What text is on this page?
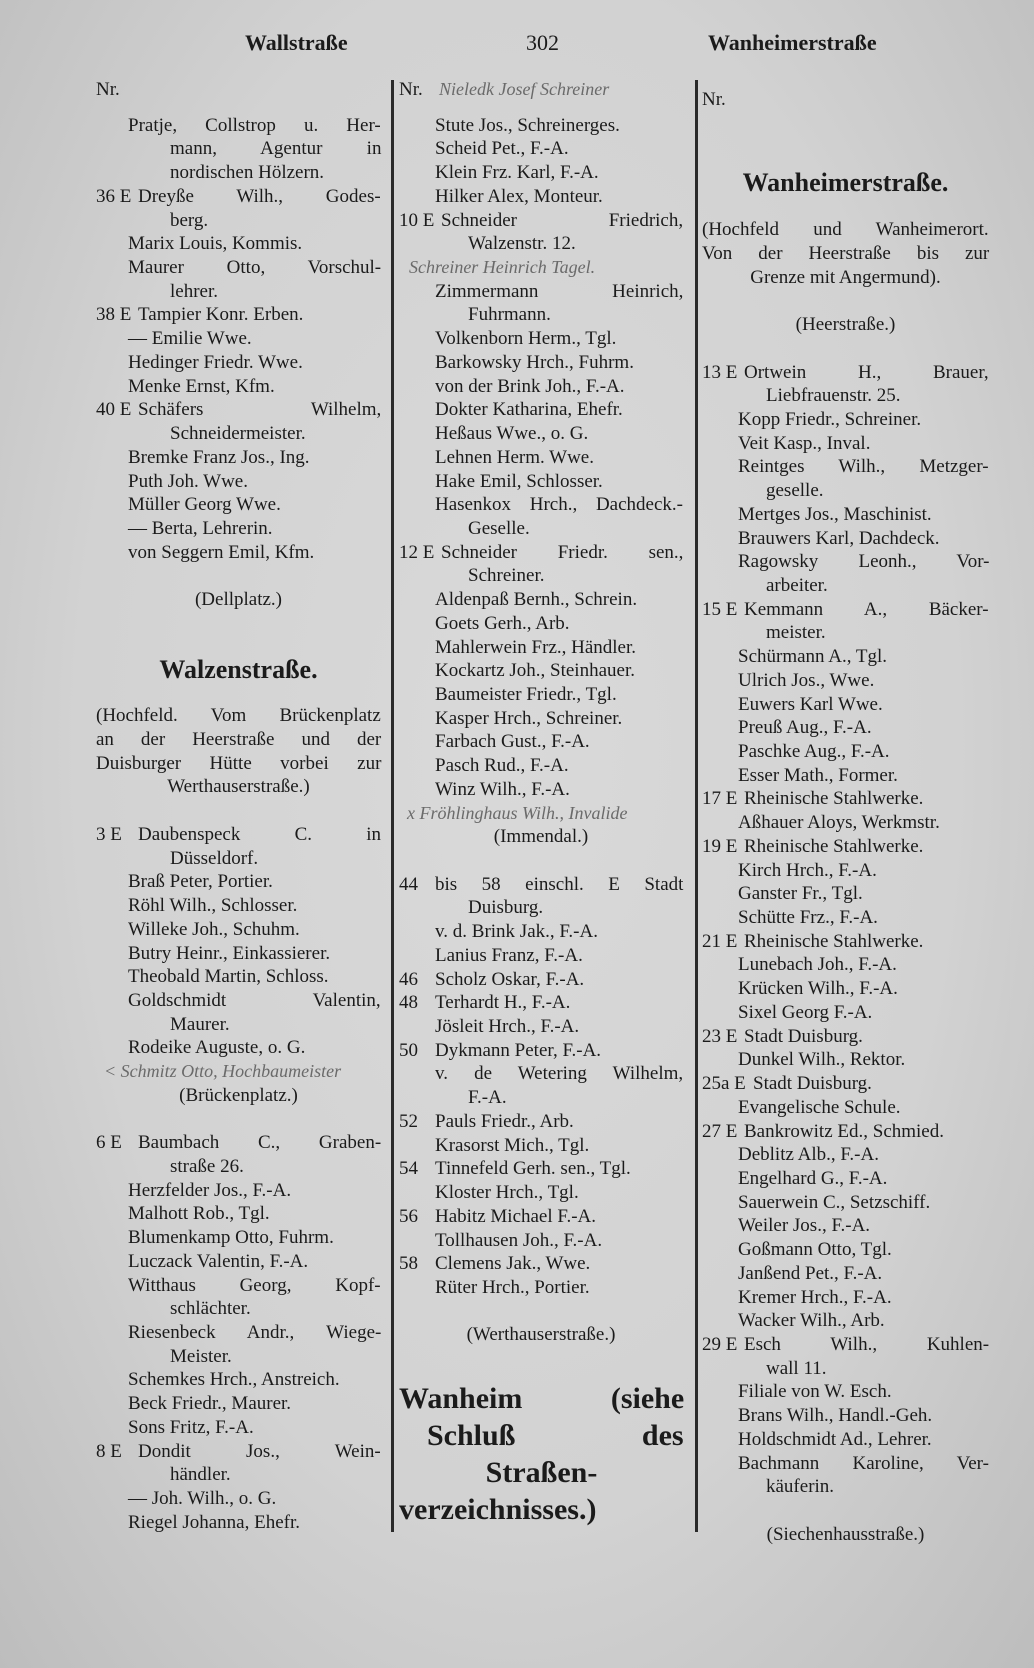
Wallstraße	302	Wanheimerstraße
Nr.
Pratje, Collstrop u. Her-
mann, Agentur in
nordischen Hölzern.
36 E Dreyße Wilh., Godes-
berg.
Marix Louis, Kommis.
Maurer Otto, Vorschul-
lehrer.
38 E Tampier Konr. Erben.
— Emilie Wwe.
Hedinger Friedr. Wwe.
Menke Ernst, Kfm.
40 E Schäfers Wilhelm,
Schneidermeister.
Bremke Franz Jos., Ing.
Puth Joh. Wwe.
Müller Georg Wwe.
— Berta, Lehrerin.
von Seggern Emil, Kfm.
(Dellplatz.)
Walzenstraße.
(Hochfeld. Vom Brückenplatz
an der Heerstraße und der
Duisburger Hütte vorbei zur
Werthauserstraße.)
3 E Daubenspeck C. in
Düsseldorf.
Braß Peter, Portier.
Röhl Wilh., Schlosser.
Willeke Joh., Schuhm.
Butry Heinr., Einkassierer.
Theobald Martin, Schloss.
Goldschmidt Valentin,
Maurer.
Rodeike Auguste, o. G.
< Schmitz Otto, Hochbaumeister
(Brückenplatz.)
6 E Baumbach C., Graben-
straße 26.
Herzfelder Jos., F.-A.
Malhott Rob., Tgl.
Blumenkamp Otto, Fuhrm.
Luczack Valentin, F.-A.
Witthaus Georg, Kopf-
schlächter.
Riesenbeck Andr., Wiege-
Meister.
Schemkes Hrch., Anstreich.
Beck Friedr., Maurer.
Sons Fritz, F.-A.
8 E Dondit Jos., Wein-
händler.
— Joh. Wilh., o. G.
Riegel Johanna, Ehefr.
Nr. Nieledk Josef Schreiner
Stute Jos., Schreinerges.
Scheid Pet., F.-A.
Klein Frz. Karl, F.-A.
Hilker Alex, Monteur.
10 E Schneider Friedrich,
Walzenstr. 12.
Schreiner Heinrich Tagel.
Zimmermann Heinrich,
Fuhrmann.
Volkenborn Herm., Tgl.
Barkowsky Hrch., Fuhrm.
von der Brink Joh., F.-A.
Dokter Katharina, Ehefr.
Heßaus Wwe., o. G.
Lehnen Herm. Wwe.
Hake Emil, Schlosser.
Hasenkox Hrch., Dachdeck.-
Geselle.
12 E Schneider Friedr. sen.,
Schreiner.
Aldenpaß Bernh., Schrein.
Goets Gerh., Arb.
Mahlerwein Frz., Händler.
Kockartz Joh., Steinhauer.
Baumeister Friedr., Tgl.
Kasper Hrch., Schreiner.
Farbach Gust., F.-A.
Pasch Rud., F.-A.
Winz Wilh., F.-A.
x Fröhlinghaus Wilh., Invalide
(Immendal.)
44 bis 58 einschl. E Stadt
Duisburg.
v. d. Brink Jak., F.-A.
Lanius Franz, F.-A.
46 Scholz Oskar, F.-A.
48 Terhardt H., F.-A.
Jösleit Hrch., F.-A.
50 Dykmann Peter, F.-A.
v. de Wetering Wilhelm,
F.-A.
52 Pauls Friedr., Arb.
Krasorst Mich., Tgl.
54 Tinnefeld Gerh. sen., Tgl.
Kloster Hrch., Tgl.
56 Habitz Michael F.-A.
Tollhausen Joh., F.-A.
58 Clemens Jak., Wwe.
Rüter Hrch., Portier.
(Werthauserstraße.)
Nr.
Wanheimerstraße.
(Hochfeld und Wanheimerort.
Von der Heerstraße bis zur
Grenze mit Angermund).
(Heerstraße.)
13 E Ortwein H., Brauer,
Liebfrauenstr. 25.
Kopp Friedr., Schreiner.
Veit Kasp., Inval.
Reintges Wilh., Metzger-
geselle.
Mertges Jos., Maschinist.
Brauwers Karl, Dachdeck.
Ragowsky Leonh., Vor-
arbeiter.
15 E Kemmann A., Bäcker-
meister.
Schürmann A., Tgl.
Ulrich Jos., Wwe.
Euwers Karl Wwe.
Preuß Aug., F.-A.
Paschke Aug., F.-A.
Esser Math., Former.
17 E Rheinische Stahlwerke.
Aßhauer Aloys, Werkmstr.
19 E Rheinische Stahlwerke.
Kirch Hrch., F.-A.
Ganster Fr., Tgl.
Schütte Frz., F.-A.
21 E Rheinische Stahlwerke.
Lunebach Joh., F.-A.
Krücken Wilh., F.-A.
Sixel Georg F.-A.
23 E Stadt Duisburg.
Dunkel Wilh., Rektor.
25a E Stadt Duisburg.
Evangelische Schule.
27 E Bankrowitz Ed., Schmied.
Deblitz Alb., F.-A.
Engelhard G., F.-A.
Sauerwein C., Setzschiff.
Weiler Jos., F.-A.
Goßmann Otto, Tgl.
Janßend Pet., F.-A.
Kremer Hrch., F.-A.
Wacker Wilh., Arb.
29 E Esch Wilh., Kuhlen-
wall 11.
Filiale von W. Esch.
Brans Wilh., Handl.-Geh.
Holdschmidt Ad., Lehrer.
Bachmann Karoline, Ver-
käuferin.
(Siechenhausstraße.)
Wanheim (siehe
Schluß des
Straßen-
verzeichnisses.)
